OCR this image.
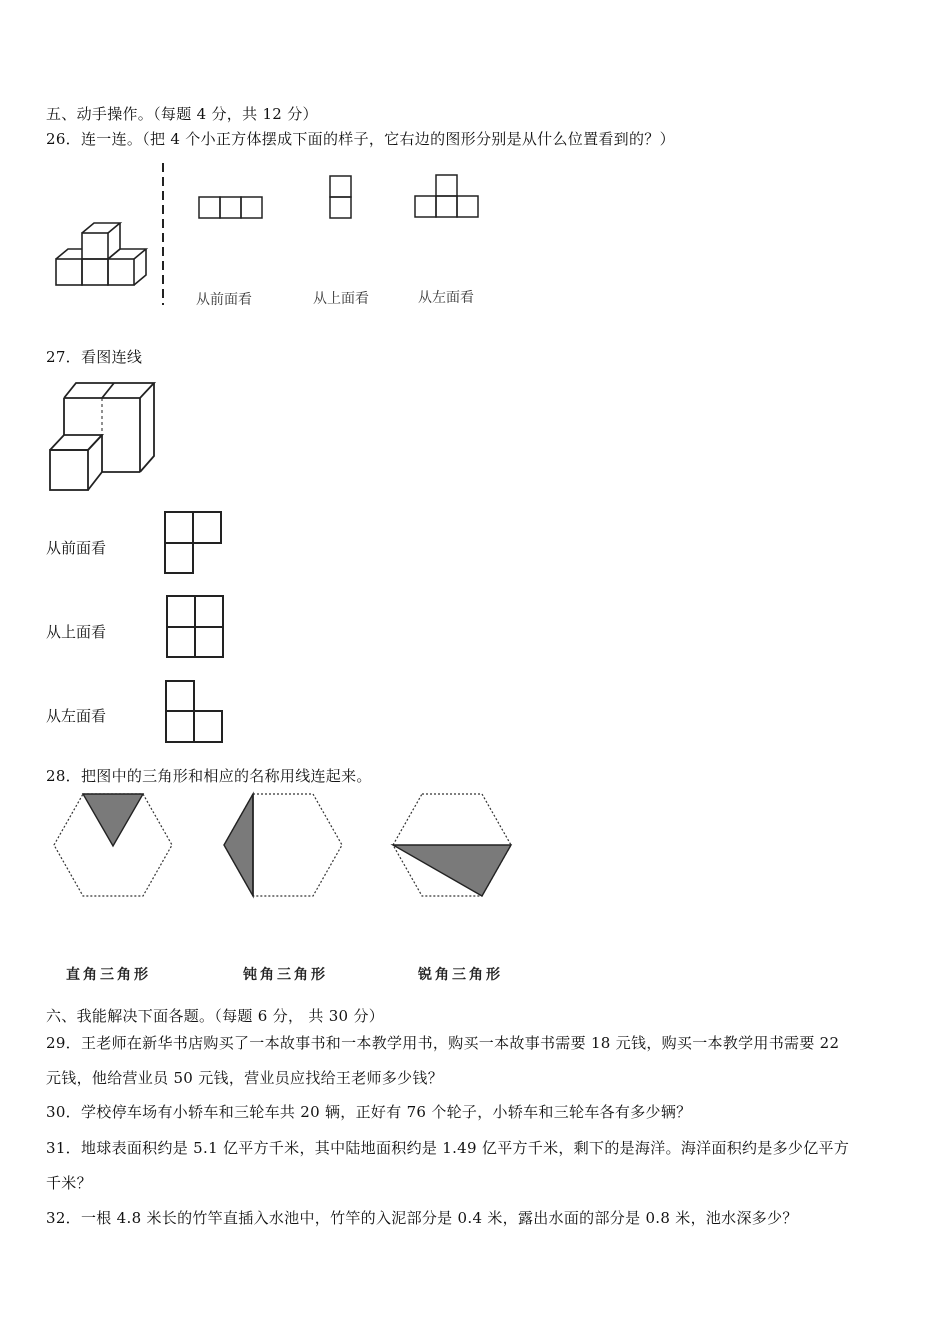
五、动手操作。（每题 4 分，共 12 分）
26．连一连。（把 4 个小正方体摆成下面的样子，它右边的图形分别是从什么位置看到的？）
从前面看	从上面看	从左面看
27．看图连线
从前面看
从上面看
从左面看
28．把图中的三角形和相应的名称用线连起来。
直角三角形	钝角三角形	锐角三角形
六、我能解决下面各题。（每题 6 分， 共 30 分）
29．王老师在新华书店购买了一本故事书和一本教学用书，购买一本故事书需要 18 元钱，购买一本教学用书需要 22
元钱，他给营业员 50 元钱，营业员应找给王老师多少钱？
30．学校停车场有小轿车和三轮车共 20 辆，正好有 76 个轮子，小轿车和三轮车各有多少辆？
31．地球表面积约是 5.1 亿平方千米，其中陆地面积约是 1.49 亿平方千米，剩下的是海洋。海洋面积约是多少亿平方
千米？
32．一根 4.8 米长的竹竿直插入水池中，竹竿的入泥部分是 0.4 米，露出水面的部分是 0.8 米，池水深多少？
